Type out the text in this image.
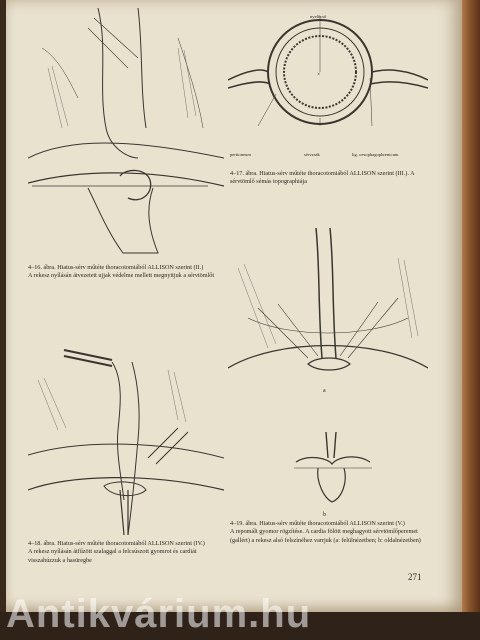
4–16. ábra. Hiatus-sérv műtéte thoracotomiából ALLISON szerint (II.)
A rekesz nyílásán átvezetett ujjak védelme mellett megnyitjuk a sérvtömlőt
×
nyelőcső
peritoneum	sérvzsák	lig. oesophagophrenicum
4–17. ábra. Hiatus-sérv műtéte thoracotomiából ALLISON szerint (III.). A sérvtömlő sémás topographiája
4–18. ábra. Hiatus-sérv műtéte thoracotomiából ALLISON szerint (IV.)
A rekesz nyílásán átfűzött szalaggal a felcsúszott gyomrot és cardiát visszahúzzuk a hasüregbe
a
b
4–19. ábra. Hiatus-sérv műtéte thoracotomiából ALLISON szerint (V.)
A repomált gyomor rögzítése. A cardia fölött meghagyott sérvtömlőperemet (gallért) a rekesz alsó felszínéhez varrjuk (a: felülnézetben; b: oldalnézetben)
271
Antikvárium.hu
